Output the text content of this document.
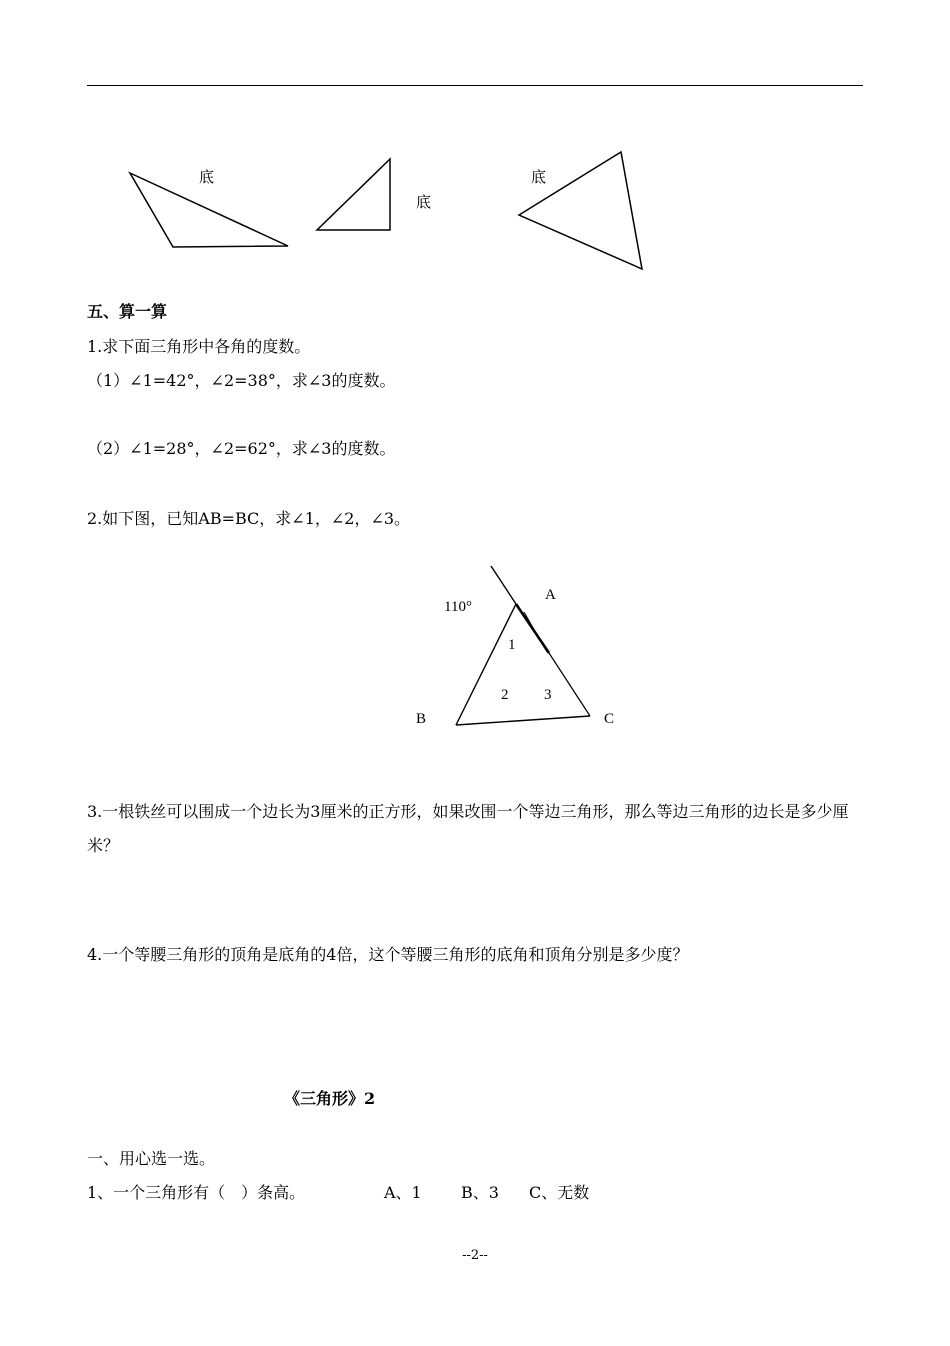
底
底
底
110°
A
B	C
1
2 3
五、算一算
1.求下面三角形中各角的度数。
（1）∠1=42°，∠2=38°，求∠3的度数。
（2）∠1=28°，∠2=62°，求∠3的度数。
2.如下图，已知AB=BC，求∠1，∠2，∠3。
3.一根铁丝可以围成一个边长为3厘米的正方形，如果改围一个等边三角形，那么等边三角形的边长是多少厘米？
4.一个等腰三角形的顶角是底角的4倍，这个等腰三角形的底角和顶角分别是多少度？
《三角形》2
一、用心选一选。
1、一个三角形有（　）条高。	A、1 B、3 C、无数
--2--
